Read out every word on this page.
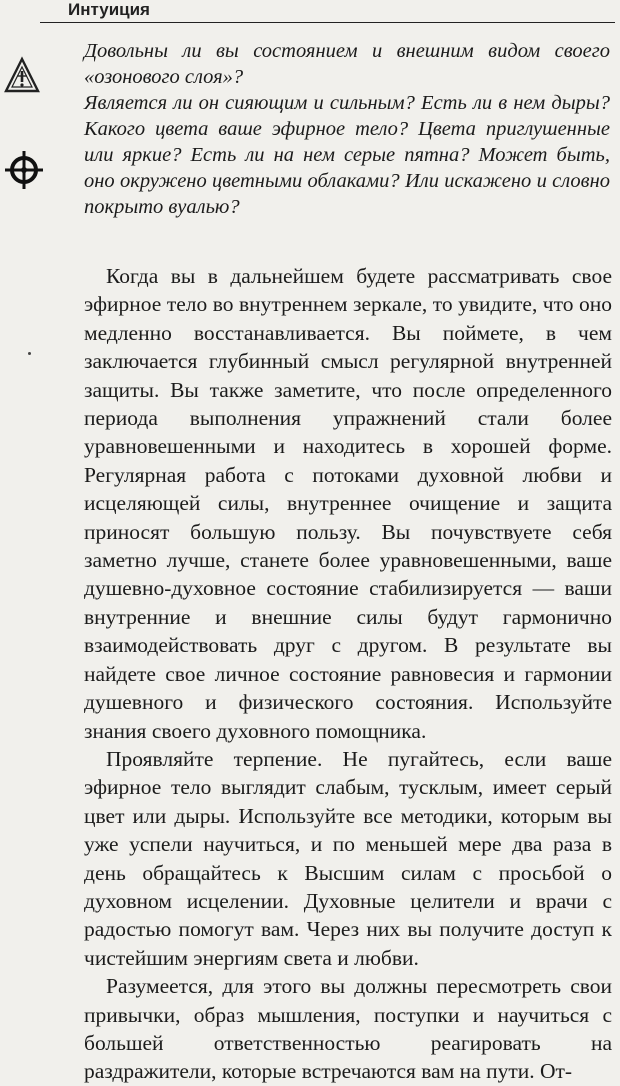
Интуиция

Довольны ли вы состоянием и внешним видом своего «озонового слоя»?

Является ли он сияющим и сильным? Есть ли в нем дыры? Какого цвета ваше эфирное тело? Цвета приглушенные или яркие? Есть ли на нем серые пятна? Может быть, оно окружено цветными облаками? Или искажено и словно покрыто вуалью?

Когда вы в дальнейшем будете рассматривать свое эфирное тело во внутреннем зеркале, то увидите, что оно медленно восстанавливается. Вы поймете, в чем заключается глубинный смысл регулярной внутренней защиты. Вы также заметите, что после определенного периода выполнения упражнений стали более уравновешенными и находитесь в хорошей форме. Регулярная работа с потоками духовной любви и исцеляющей силы, внутреннее очищение и защита приносят большую пользу. Вы почувствуете себя заметно лучше, станете более уравновешенными, ваше душевно-духовное состояние стабилизируется — ваши внутренние и внешние силы будут гармонично взаимодействовать друг с другом. В результате вы найдете свое личное состояние равновесия и гармонии душевного и физического состояния. Используйте знания своего духовного помощника.

Проявляйте терпение. Не пугайтесь, если ваше эфирное тело выглядит слабым, тусклым, имеет серый цвет или дыры. Используйте все методики, которым вы уже успели научиться, и по меньшей мере два раза в день обращайтесь к Высшим силам с просьбой о духовном исцелении. Духовные целители и врачи с радостью помогут вам. Через них вы получите доступ к чистейшим энергиям света и любви.

Разумеется, для этого вы должны пересмотреть свои привычки, образ мышления, поступки и научиться с большей ответственностью реагировать на раздражители, которые встречаются вам на пути. От-
